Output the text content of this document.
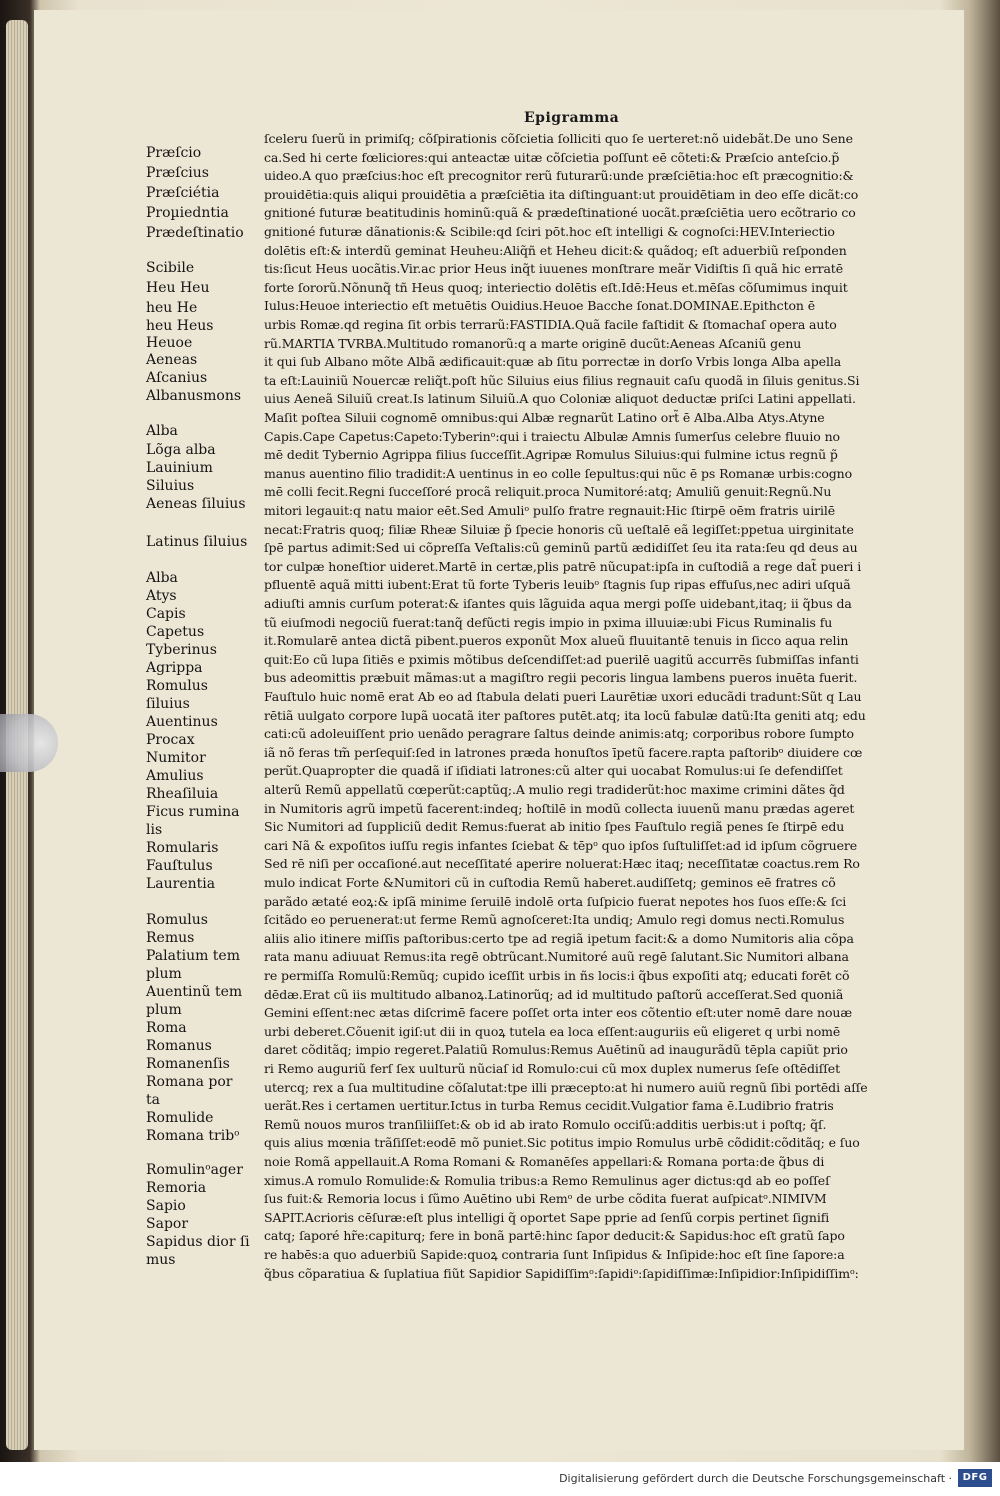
Epigramma
Præſcio
Præſcius
Præſciétia
Proµiedntia
Prædeſtinatio
Scibile
Heu Heu
heu He
heu Heus
Heuoe
Aeneas
Aſcanius
Albanusmons
Alba
Lõga alba
Lauinium
Siluius
Aeneas ſiluius
Latinus ſiluius
Alba
Atys
Capis
Capetus
Tyberinus
Agrippa
Romulus
ſiluius
Auentinus
Procax
Numitor
Amulius
Rheaſiluia
Ficus rumina
lis
Romularis
Fauſtulus
Laurentia
Romulus
Remus
Palatium tem
plum
Auentinũ tem
plum
Roma
Romanus
Romanenſis
Romana por
ta
Romulide
Romana tribᵒ
Romulinᵒager
Remoria
Sapio
Sapor
Sapidus dior ſi
mus
ſceleru ſuerũ in primiſq; cõſpirationis cõſcietia ſolliciti quo ſe uerteret:nõ uidebãt.De uno Sene
ca.Sed hi certe fœliciores:qui anteactæ uitæ cõſcietia poſſunt eē cõteti:& Præſcio anteſcio.p̃
uideo.A quo præſcius:hoc eſt precognitor rerũ futurarũ:unde præſciētia:hoc eſt præcognitio:&
prouidētia:quis aliqui prouidētia a præſciētia ita diſtinguant:ut prouidētiam in deo eſſe dicãt:co
gnitioné futuræ beatitudinis hominũ:quã & prædeſtinationé uocãt.præſciētia uero ecõtrario co
gnitioné futuræ dãnationis:& Scibile:qd ſciri pōt.hoc eſt intelligi & cognoſci:HEV.Interiectio
dolētis eſt:& interdũ geminat Heuheu:Aliq̃ñ et Heheu dicit:& quãdoq; eſt aduerbiũ reſponden
tis:ſicut Heus uocãtis.Vir.ac prior Heus inq̃t iuuenes monſtrare meãr Vidiſtis ſi quã hic erratē
forte ſororũ.Nõnunq̃ tñ Heus quoq; interiectio dolētis eſt.Idē:Heus et.mēſas cõſumimus inquit
Iulus:Heuoe interiectio eſt metuētis Ouidius.Heuoe Bacche ſonat.DOMINAE.Epithcton ē
urbis Romæ.qd regina ſit orbis terrarũ:FASTIDIA.Quã facile faſtidit & ſtomachaſ opera auto
rũ.MARTIA TVRBA.Multitudo romanorũ:q a marte originē ducũt:Aeneas Aſcaniũ genu
it qui ſub Albano mõte Albã ædificauit:quæ ab ſitu porrectæ in dorſo Vrbis longa Alba apella
ta eſt:Lauiniũ Nouercæ reliq̃t.poſt hũc Siluius eius filius regnauit caſu quodã in ſiluis genitus.Si
uius Aeneã Siluiũ creat.Is latinum Siluiũ.A quo Coloniæ aliquot deductæ priſci Latini appellati.
Maſit poſtea Siluii cognomē omnibus:qui Albæ regnarũt Latino ort̃ ē Alba.Alba Atys.Atyne
Capis.Cape Capetus:Capeto:Tyberinᵒ:qui i traiectu Albulæ Amnis ſumerſus celebre fluuio no
mē dedit Tybernio Agrippa filius ſucceſſit.Agripæ Romulus Siluius:qui fulmine ictus regnũ p̃
manus auentino filio tradidit:A uentinus in eo colle ſepultus:qui nũc ē ps Romanæ urbis:cogno
mē colli fecit.Regni ſucceſſoré procã reliquit.proca Numitoré:atq; Amuliũ genuit:Regnũ.Nu
mitori legauit:q natu maior eēt.Sed Amuliᵒ pulſo fratre regnauit:Hic ſtirpē oēm fratris uirilē
necat:Fratris quoq; filiæ Rheæ Siluiæ p̃ ſpecie honoris cũ ueſtalē eã legiſſet:ppetua uirginitate
ſpē partus adimit:Sed ui cõpreſſa Veſtalis:cũ geminũ partũ ædidiſſet ſeu ita rata:ſeu qd deus au
tor culpæ honeſtior uideret.Martē in certæ,plis patrē nũcupat:ipſa in cuſtodiã a rege dat̃ pueri i
pfluentē aquã mitti iubent:Erat tũ forte Tyberis leuibᵒ ſtagnis ſup ripas effuſus,nec adiri uſquã
adiuſti amnis curſum poterat:& iſantes quis lãguida aqua mergi poſſe uidebant,itaq; ii q̃bus da
tũ eiuſmodi negociũ fuerat:tanq̃ defũcti regis impio in pxima illuuiæ:ubi Ficus Ruminalis fu
it.Romularē antea dictã pibent.pueros exponũt Mox alueũ fluuitantē tenuis in ſicco aqua relin
quit:Eo cũ lupa ſitiēs e pximis mõtibus deſcendiſſet:ad puerilē uagitũ accurrēs ſubmiſſas infanti
bus adeomittis præbuit mãmas:ut a magiſtro regii pecoris lingua lambens pueros inuēta fuerit.
Fauſtulo huic nomē erat Ab eo ad ſtabula delati pueri Laurētiæ uxori educãdi tradunt:Sũt q Lau
rētiã uulgato corpore lupã uocatã iter paſtores putēt.atq; ita locũ fabulæ datũ:Ita geniti atq; edu
cati:cũ adoleuiſſent prio uenãdo peragrare ſaltus deinde animis:atq; corporibus robore ſumpto
iã nõ feras tm̃ perſequiſ:ſed in latrones præda honuſtos īpetũ facere.rapta paſtoribᵒ diuidere cœ
perũt.Quapropter die quadã iſ iſidiati latrones:cũ alter qui uocabat Romulus:ui ſe defendiſſet
alterũ Remũ appellatũ cœperũt:captũq;.A mulio regi tradiderũt:hoc maxime crimini dãtes q̃d
in Numitoris agrũ impetũ facerent:indeq; hoſtilē in modũ collecta iuuenũ manu prædas ageret
Sic Numitori ad ſuppliciũ dedit Remus:fuerat ab initio ſpes Fauſtulo regiã penes ſe ſtirpē edu
cari Nã & expoſitos iuſſu regis infantes ſciebat & tēpᵒ quo ipſos ſuſtuliſſet:ad id ipſum cõgruere
Sed rē niſi per occaſioné.aut neceſſitaté aperire noluerat:Hæc itaq; neceſſitatæ coactus.rem Ro
mulo indicat Forte &Numitori cũ in cuſtodia Remũ haberet.audiſſetq; geminos eē fratres cõ
parãdo ætaté eoꝝ:& ipſã minime ſeruilē indolē orta ſuſpicio fuerat nepotes hos ſuos eſſe:& ſci
ſcitãdo eo peruenerat:ut ferme Remũ agnoſceret:Ita undiq; Amulo regi domus necti.Romulus
aliis alio itinere miſſis paſtoribus:certo tpe ad regiã ipetum facit:& a domo Numitoris alia cõpa
rata manu adiuuat Remus:ita regē obtrũcant.Numitoré auũ regē ſalutant.Sic Numitori albana
re permiſſa Romulũ:Remũq; cupido iceſſit urbis in ñs locis:i q̃bus expoſiti atq; educati forēt cõ
dēdæ.Erat cũ iis multitudo albanoꝝ.Latinorũq; ad id multitudo paſtorũ acceſſerat.Sed quoniã
Gemini eſſent:nec ætas diſcrimē facere poſſet orta inter eos cõtentio eſt:uter nomē dare nouæ
urbi deberet.Cõuenit igiſ:ut dii in quoꝝ tutela ea loca eſſent:auguriis eũ eligeret q urbi nomē
daret cõditãq; impio regeret.Palatiũ Romulus:Remus Auētinũ ad inaugurãdũ tēpla capiũt prio
ri Remo auguriũ ferſ ſex uulturũ nũciaſ id Romulo:cui cũ mox duplex numerus ſeſe oſtēdiſſet
utercq; rex a ſua multitudine cõſalutat:tpe illi præcepto:at hi numero auiũ regnũ ſibi portēdi aſſe
uerãt.Res i certamen uertitur.Ictus in turba Remus cecidit.Vulgatior fama ē.Ludibrio fratris
Remũ nouos muros tranſiliiſſet:& ob id ab irato Romulo occiſũ:additis uerbis:ut i poſtq; q̃ſ.
quis alius mœnia trãſiſſet:eodē mõ puniet.Sic potitus impio Romulus urbē cõdidit:cõditãq; e ſuo
noie Romã appellauit.A Roma Romani & Romanēſes appellari:& Romana porta:de q̃bus di
ximus.A romulo Romulide:& Romulia tribus:a Remo Remulinus ager dictus:qd ab eo poſſeſ
ſus fuit:& Remoria locus i ſũmo Auētino ubi Remᵒ de urbe cõdita fuerat auſpicatᵒ.NIMIVM
SAPIT.Acrioris cēſuræ:eſt plus intelligi q̃ oportet Sape pprie ad ſenſũ corpis pertinet ſignifi
catq; ſaporé hr̃e:capiturq; fere in bonã partē:hinc ſapor deducit:& Sapidus:hoc eſt gratũ ſapo
re habēs:a quo aduerbiũ Sapide:quoꝝ contraria ſunt Inſipidus & Inſipide:hoc eſt ſine ſapore:a
q̃bus cõparatiua & ſuplatiua fiũt Sapidior Sapidiſſimᵒ:ſapidiᵒ:ſapidiſſimæ:Inſipidior:Inſipidiſſimᵒ:
Digitalisierung gefördert durch die Deutsche Forschungsgemeinschaft ·	DFG
